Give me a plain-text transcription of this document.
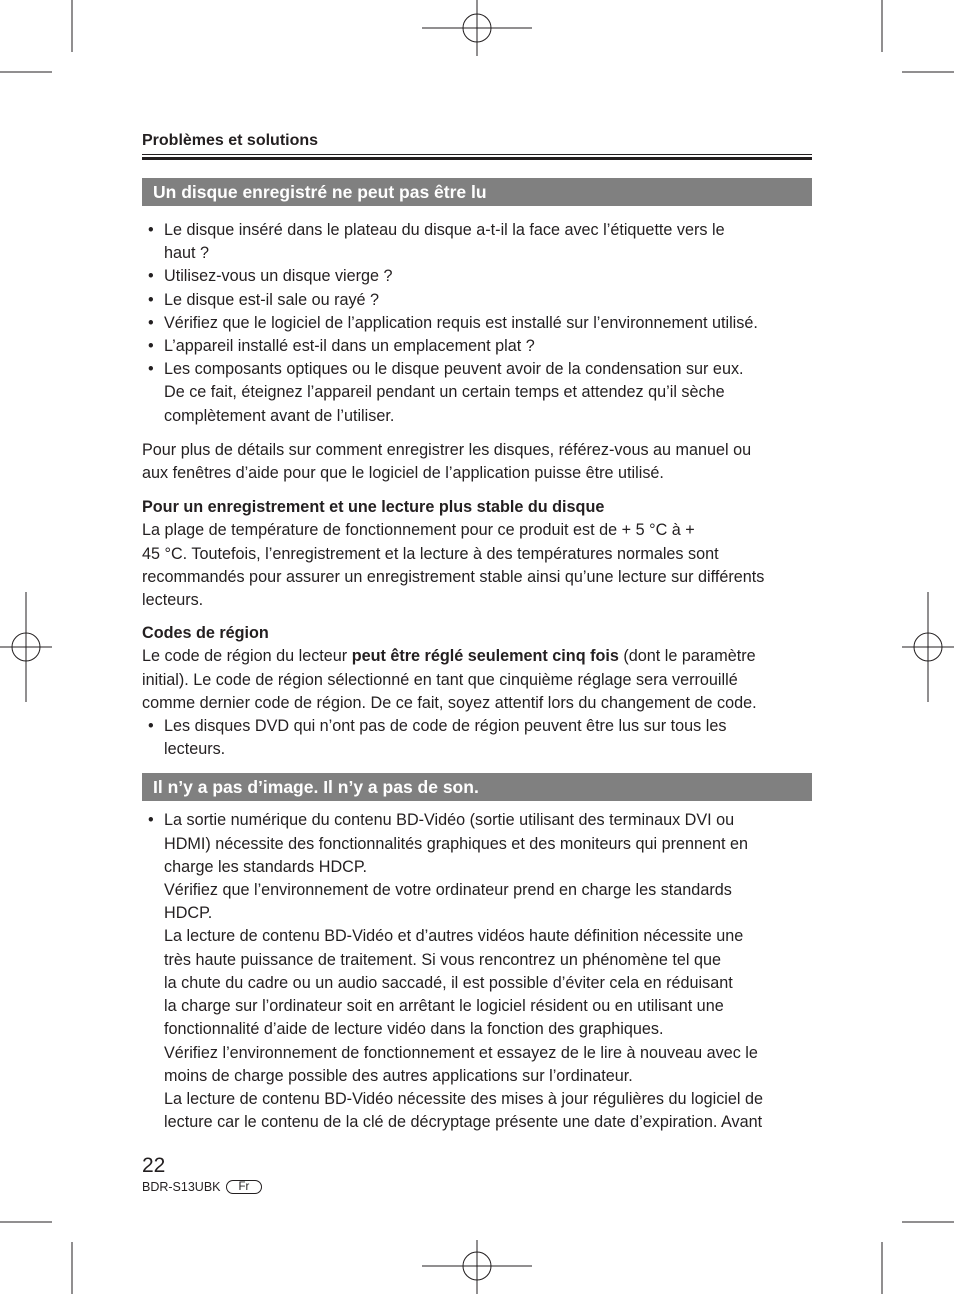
Problèmes et solutions

Un disque enregistré ne peut pas être lu
• Le disque inséré dans le plateau du disque a-t-il la face avec l’étiquette vers le
haut ?
• Utilisez-vous un disque vierge ?
• Le disque est-il sale ou rayé ?
• Vérifiez que le logiciel de l’application requis est installé sur l’environnement utilisé.
• L’appareil installé est-il dans un emplacement plat ?
• Les composants optiques ou le disque peuvent avoir de la condensation sur eux.
De ce fait, éteignez l’appareil pendant un certain temps et attendez qu’il sèche
complètement avant de l’utiliser.

Pour plus de détails sur comment enregistrer les disques, référez-vous au manuel ou
aux fenêtres d’aide pour que le logiciel de l’application puisse être utilisé.

Pour un enregistrement et une lecture plus stable du disque

La plage de température de fonctionnement pour ce produit est de + 5 °C à +
45 °C. Toutefois, l’enregistrement et la lecture à des températures normales sont
recommandés pour assurer un enregistrement stable ainsi qu’une lecture sur différents
lecteurs.

Codes de région

Le code de région du lecteur peut être réglé seulement cinq fois (dont le paramètre
initial). Le code de région sélectionné en tant que cinquième réglage sera verrouillé
comme dernier code de région. De ce fait, soyez attentif lors du changement de code.

• Les disques DVD qui n’ont pas de code de région peuvent être lus sur tous les
lecteurs.
Il n’y a pas d’image. Il n’y a pas de son.
• La sortie numérique du contenu BD-Vidéo (sortie utilisant des terminaux DVI ou
HDMI) nécessite des fonctionnalités graphiques et des moniteurs qui prennent en
charge les standards HDCP.
Vérifiez que l’environnement de votre ordinateur prend en charge les standards
HDCP.
La lecture de contenu BD-Vidéo et d’autres vidéos haute définition nécessite une
très haute puissance de traitement. Si vous rencontrez un phénomène tel que
la chute du cadre ou un audio saccadé, il est possible d’éviter cela en réduisant
la charge sur l’ordinateur soit en arrêtant le logiciel résident ou en utilisant une
fonctionnalité d’aide de lecture vidéo dans la fonction des graphiques.
Vérifiez l’environnement de fonctionnement et essayez de le lire à nouveau avec le
moins de charge possible des autres applications sur l’ordinateur.
La lecture de contenu BD-Vidéo nécessite des mises à jour régulières du logiciel de
lecture car le contenu de la clé de décryptage présente une date d’expiration. Avant
22
BDR-S13UBK	Fr
